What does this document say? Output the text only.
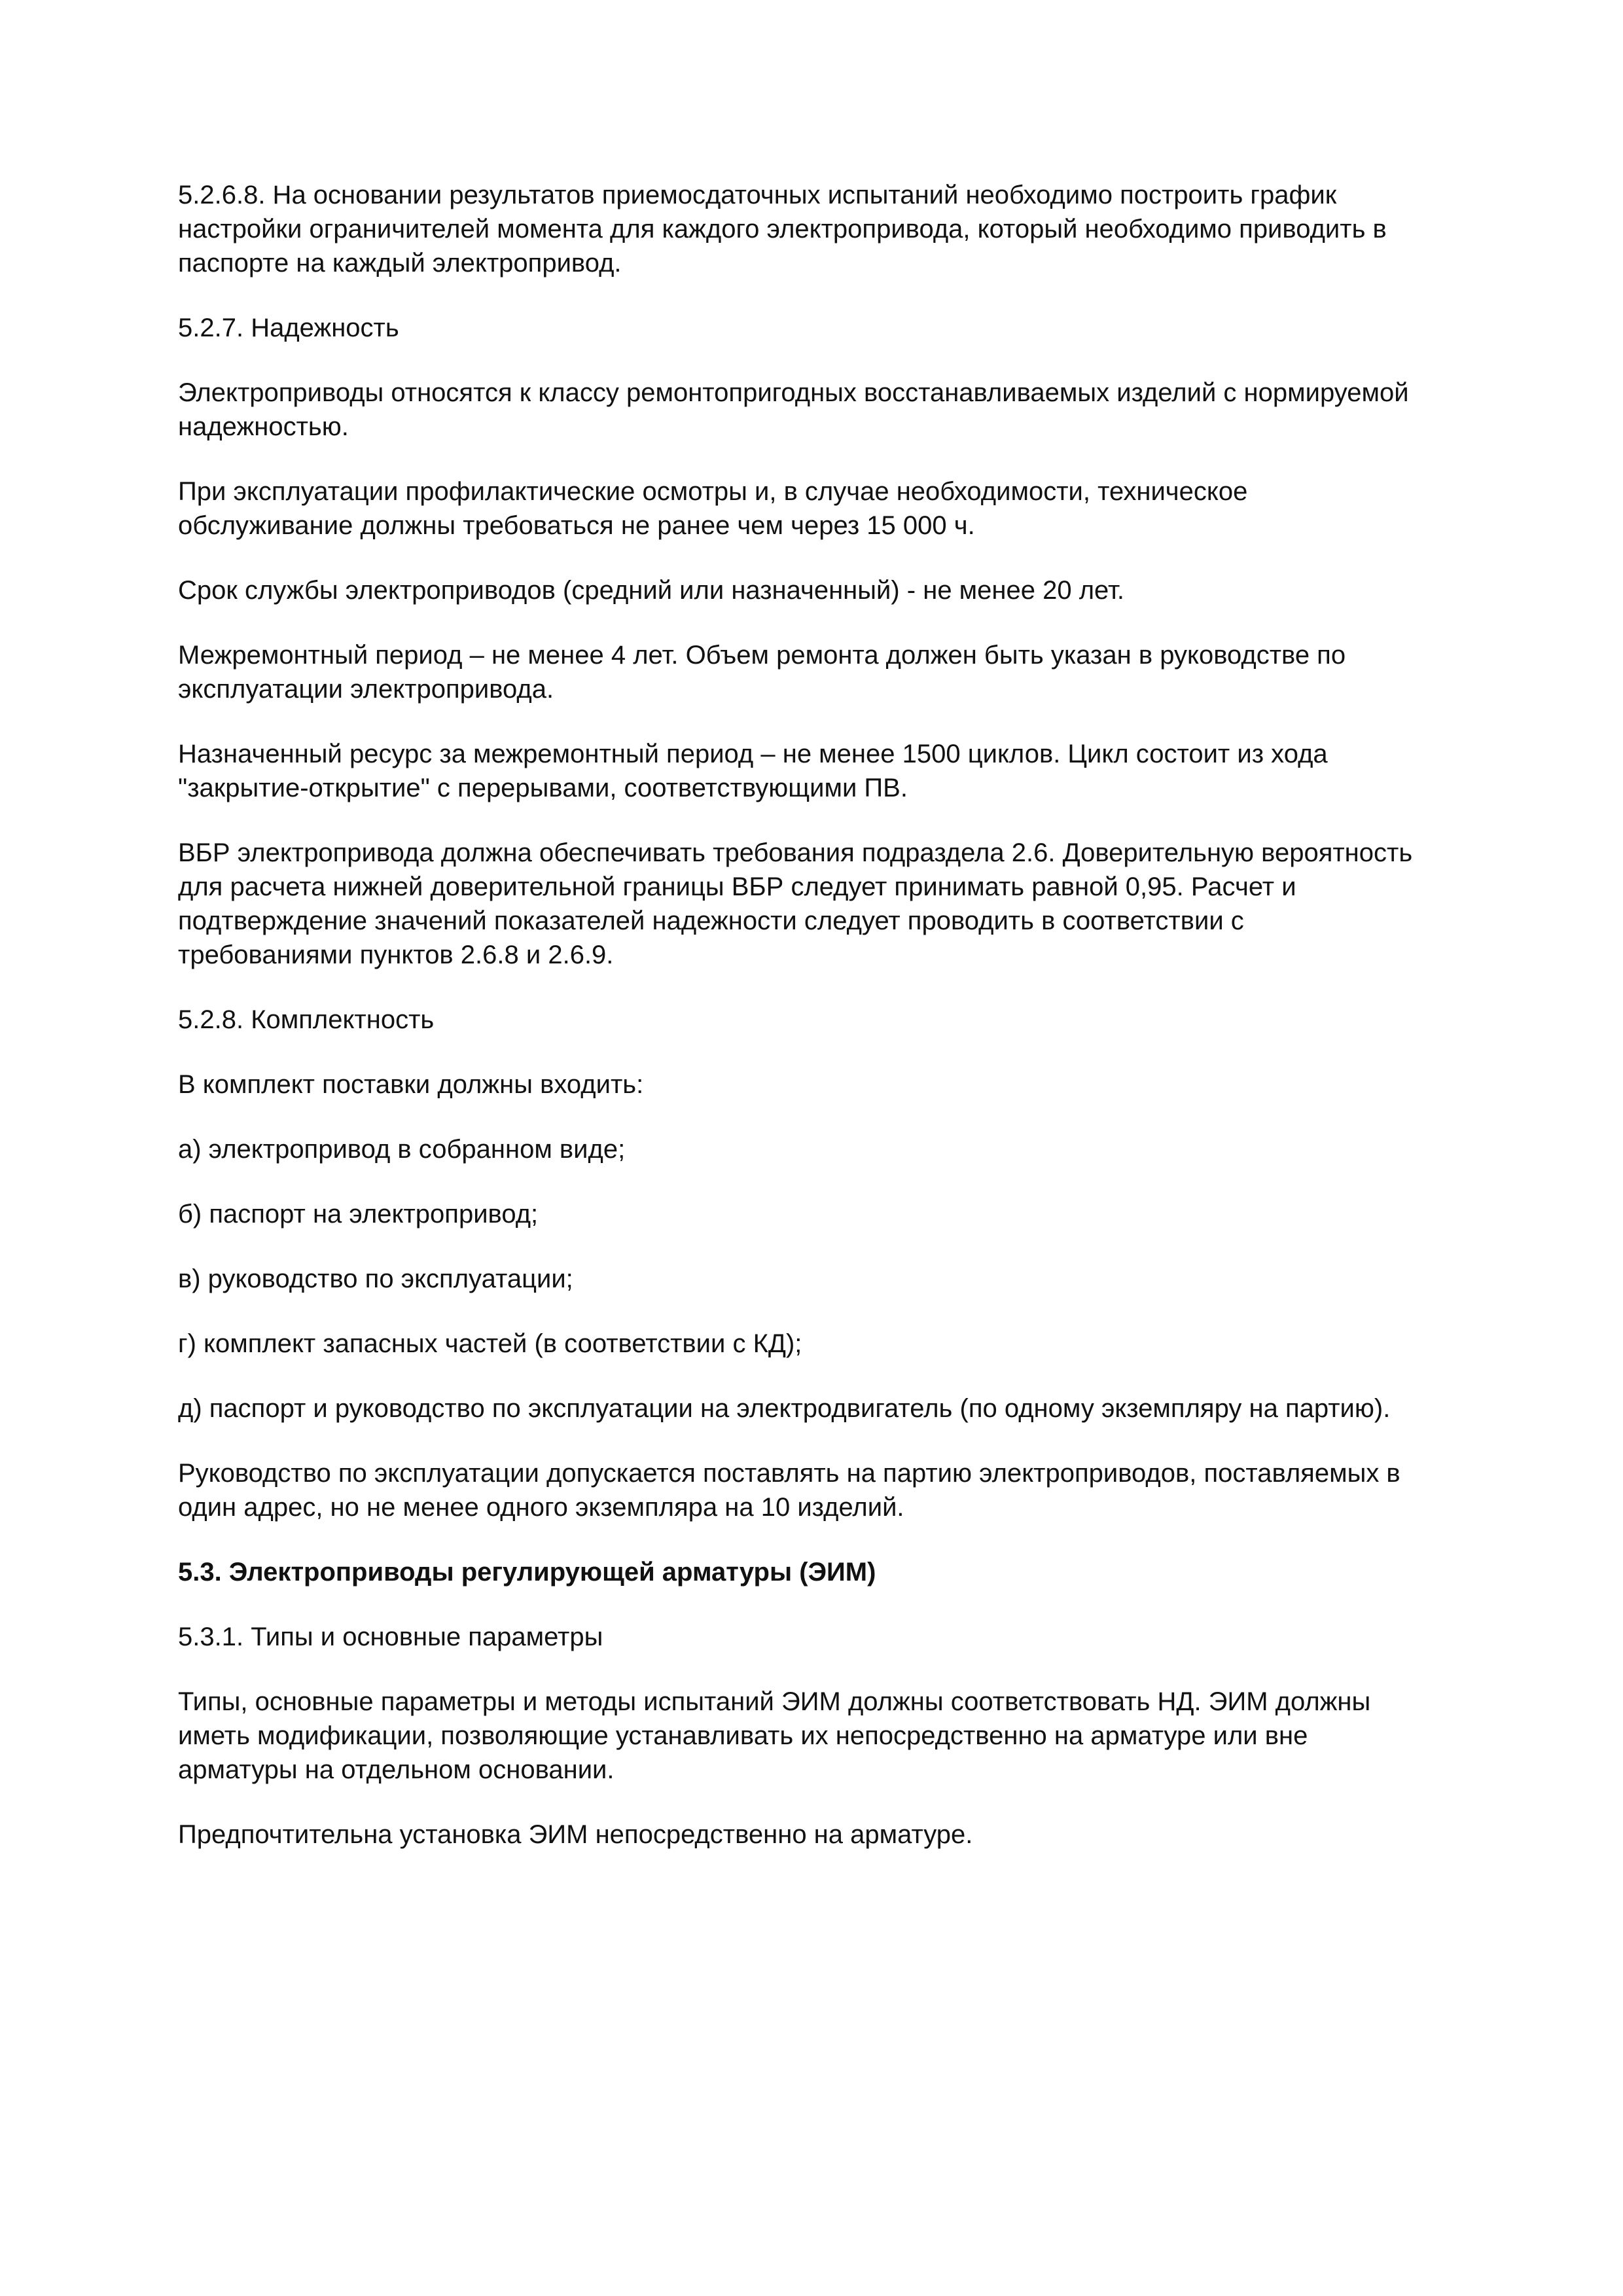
5.2.6.8. На основании результатов приемосдаточных испытаний необходимо построить график
настройки ограничителей момента для каждого электропривода, который необходимо приводить в
паспорте на каждый электропривод.

5.2.7. Надежность

Электроприводы относятся к классу ремонтопригодных восстанавливаемых изделий с нормируемой
надежностью.

При эксплуатации профилактические осмотры и, в случае необходимости, техническое
обслуживание должны требоваться не ранее чем через 15 000 ч.

Срок службы электроприводов (средний или назначенный) - не менее 20 лет.

Межремонтный период – не менее 4 лет. Объем ремонта должен быть указан в руководстве по
эксплуатации электропривода.

Назначенный ресурс за межремонтный период – не менее 1500 циклов. Цикл состоит из хода
"закрытие-открытие" с перерывами, соответствующими ПВ.

ВБР электропривода должна обеспечивать требования подраздела 2.6. Доверительную вероятность
для расчета нижней доверительной границы ВБР следует принимать равной 0,95. Расчет и
подтверждение значений показателей надежности следует проводить в соответствии с
требованиями пунктов 2.6.8 и 2.6.9.

5.2.8. Комплектность

В комплект поставки должны входить:

а) электропривод в собранном виде;

б) паспорт на электропривод;

в) руководство по эксплуатации;

г) комплект запасных частей (в соответствии с КД);

д) паспорт и руководство по эксплуатации на электродвигатель (по одному экземпляру на партию).

Руководство по эксплуатации допускается поставлять на партию электроприводов, поставляемых в
один адрес, но не менее одного экземпляра на 10 изделий.

5.3. Электроприводы регулирующей арматуры (ЭИМ)

5.3.1. Типы и основные параметры

Типы, основные параметры и методы испытаний ЭИМ должны соответствовать НД. ЭИМ должны
иметь модификации, позволяющие устанавливать их непосредственно на арматуре или вне
арматуры на отдельном основании.

Предпочтительна установка ЭИМ непосредственно на арматуре.
